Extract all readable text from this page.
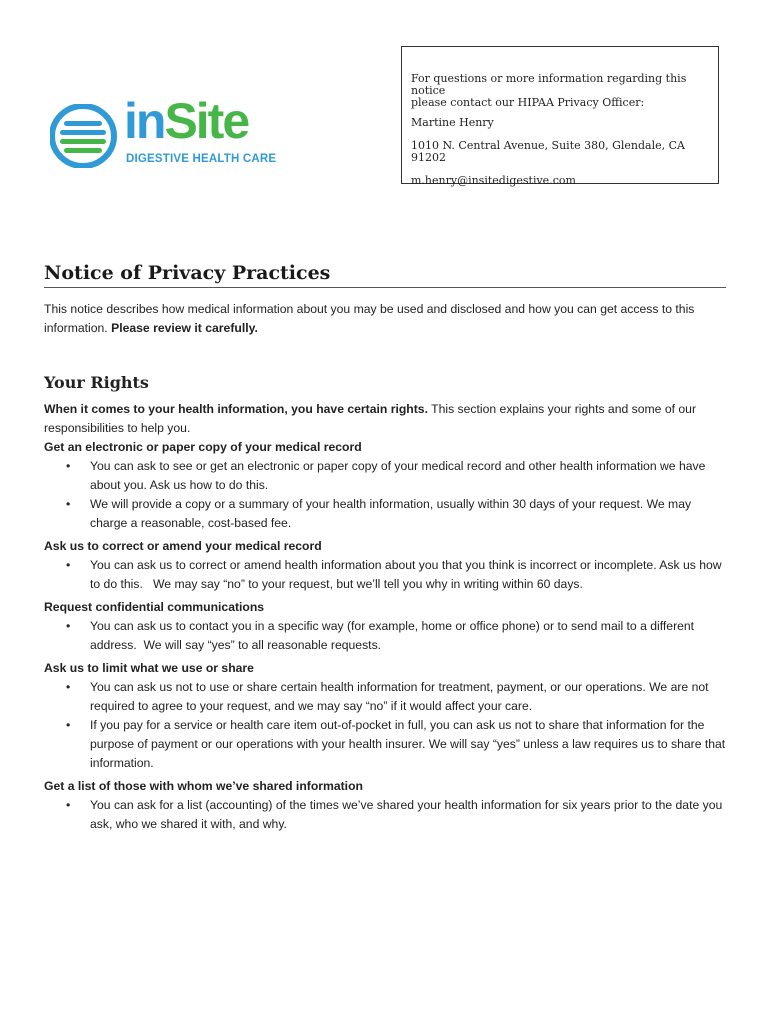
inSite
DIGESTIVE HEALTH CARE

For questions or more information regarding this notice

please contact our HIPAA Privacy Officer:

Martine Henry

1010 N. Central Avenue, Suite 380, Glendale, CA 91202

m.henry@insitedigestive.com

Notice of Privacy Practices

This notice describes how medical information about you may be used and disclosed and how you can get access to this information. Please review it carefully.

Your Rights

When it comes to your health information, you have certain rights. This section explains your rights and some of our responsibilities to help you.

Get an electronic or paper copy of your medical record

• You can ask to see or get an electronic or paper copy of your medical record and other health information we have about you. Ask us how to do this.
• We will provide a copy or a summary of your health information, usually within 30 days of your request. We may charge a reasonable, cost-based fee.

Ask us to correct or amend your medical record

• You can ask us to correct or amend health information about you that you think is incorrect or incomplete. Ask us how to do this.   We may say “no” to your request, but we’ll tell you why in writing within 60 days.

Request confidential communications

• You can ask us to contact you in a specific way (for example, home or office phone) or to send mail to a different address.  We will say “yes” to all reasonable requests.

Ask us to limit what we use or share

• You can ask us not to use or share certain health information for treatment, payment, or our operations. We are not required to agree to your request, and we may say “no” if it would affect your care.
• If you pay for a service or health care item out-of-pocket in full, you can ask us not to share that information for the purpose of payment or our operations with your health insurer. We will say “yes” unless a law requires us to share that information.

Get a list of those with whom we’ve shared information

• You can ask for a list (accounting) of the times we’ve shared your health information for six years prior to the date you ask, who we shared it with, and why.
